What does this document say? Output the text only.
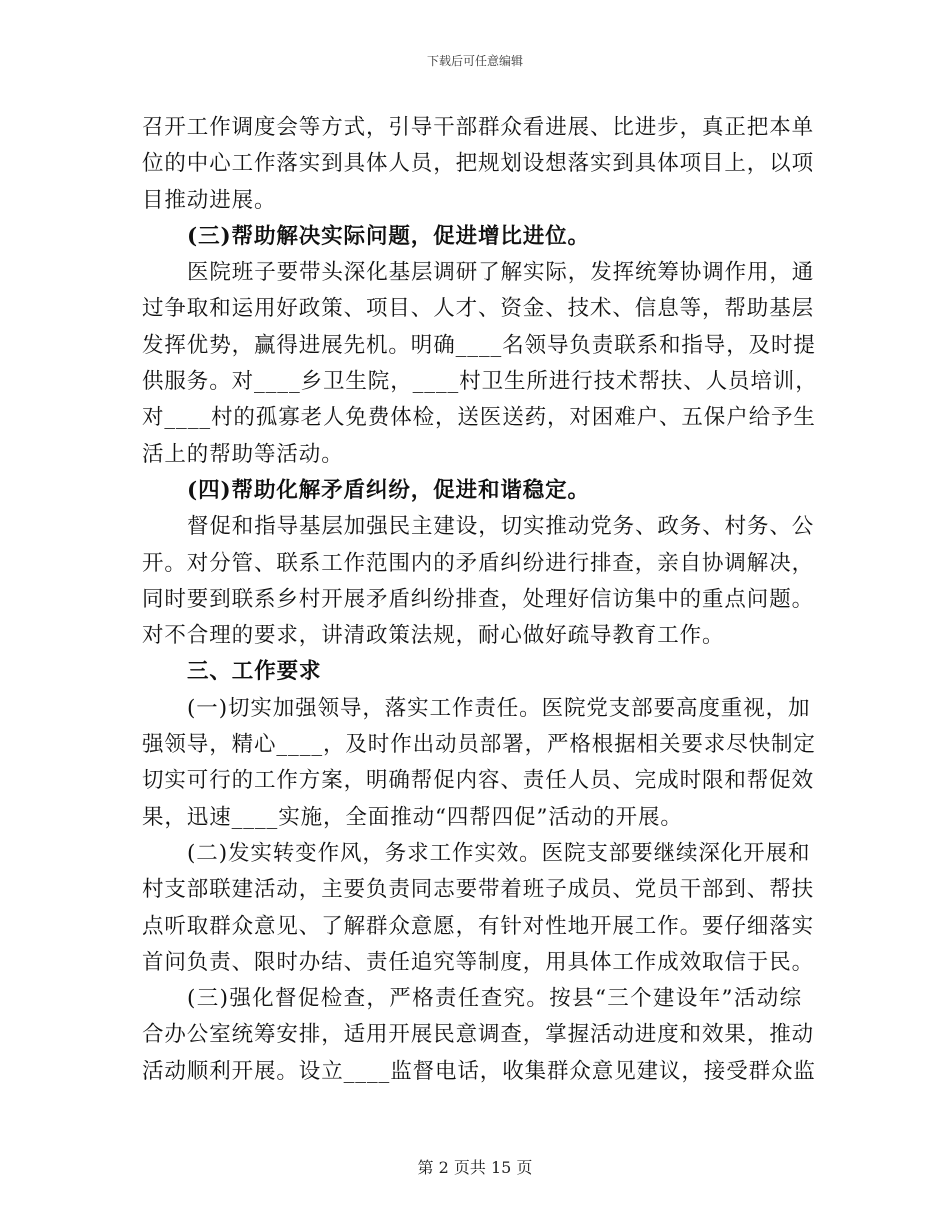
下载后可任意编辑
召开工作调度会等方式，引导干部群众看进展、比进步，真正把本单
位的中心工作落实到具体人员，把规划设想落实到具体项目上，以项
目推动进展。
(三)帮助解决实际问题，促进增比进位。
医院班子要带头深化基层调研了解实际，发挥统筹协调作用，通
过争取和运用好政策、项目、人才、资金、技术、信息等，帮助基层
发挥优势，赢得进展先机。明确____名领导负责联系和指导，及时提
供服务。对____乡卫生院，____村卫生所进行技术帮扶、人员培训，
对____村的孤寡老人免费体检，送医送药，对困难户、五保户给予生
活上的帮助等活动。
(四)帮助化解矛盾纠纷，促进和谐稳定。
督促和指导基层加强民主建设，切实推动党务、政务、村务、公
开。对分管、联系工作范围内的矛盾纠纷进行排查，亲自协调解决，
同时要到联系乡村开展矛盾纠纷排查，处理好信访集中的重点问题。
对不合理的要求，讲清政策法规，耐心做好疏导教育工作。
三、工作要求
(一)切实加强领导，落实工作责任。医院党支部要高度重视，加
强领导，精心____，及时作出动员部署，严格根据相关要求尽快制定
切实可行的工作方案，明确帮促内容、责任人员、完成时限和帮促效
果，迅速____实施，全面推动“四帮四促”活动的开展。
(二)发实转变作风，务求工作实效。医院支部要继续深化开展和
村支部联建活动，主要负责同志要带着班子成员、党员干部到、帮扶
点听取群众意见、了解群众意愿，有针对性地开展工作。要仔细落实
首问负责、限时办结、责任追究等制度，用具体工作成效取信于民。
(三)强化督促检查，严格责任查究。按县“三个建设年”活动综
合办公室统筹安排，适用开展民意调查，掌握活动进度和效果，推动
活动顺利开展。设立____监督电话，收集群众意见建议，接受群众监
第 2 页共 15 页
